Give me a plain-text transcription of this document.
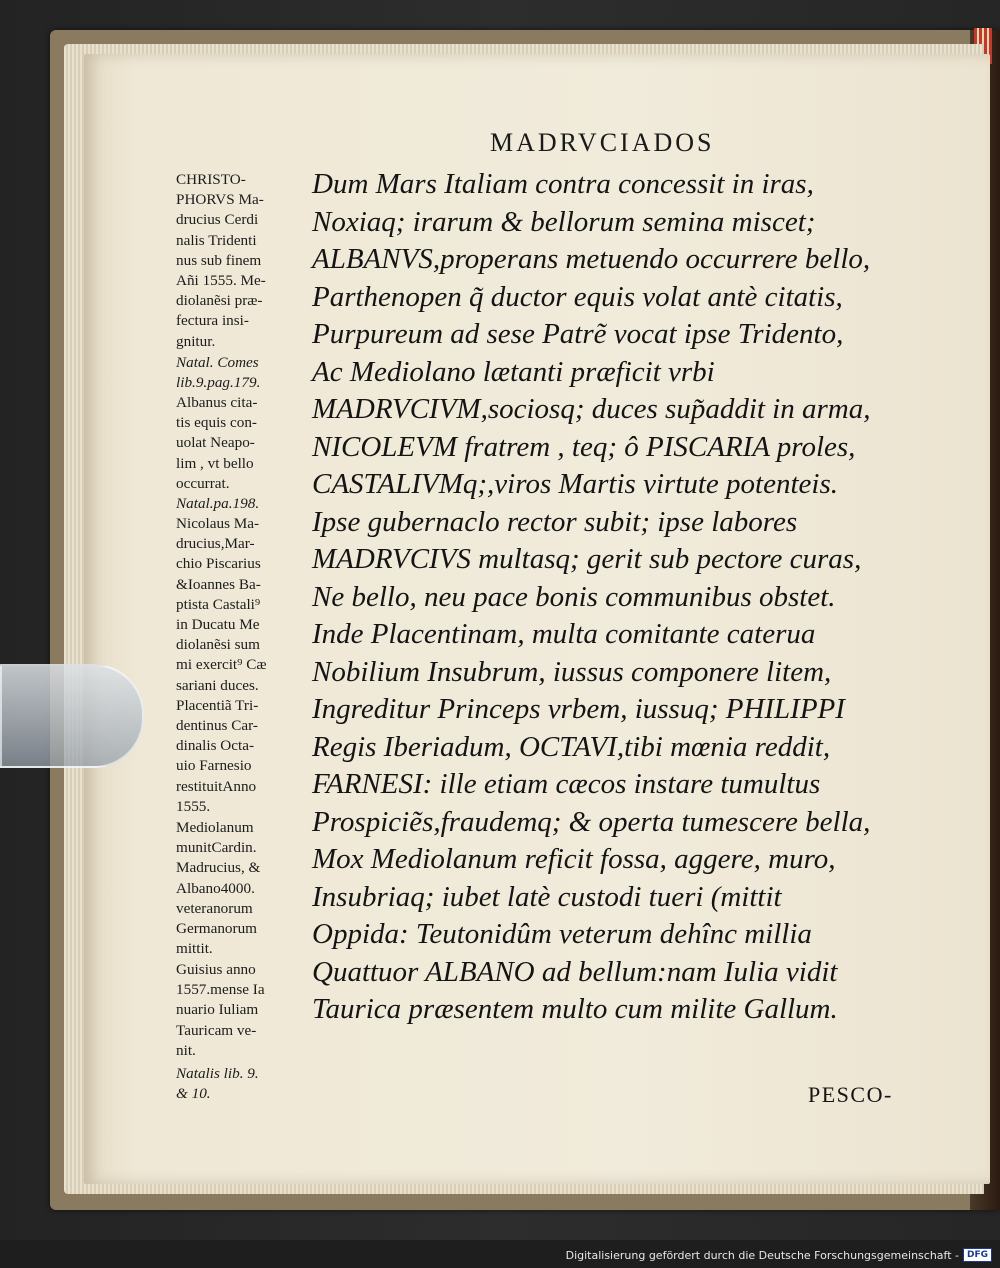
MADRVCIADOS

CHRISTO-
PHORVS Ma-
drucius Cerdi
nalis Tridenti
nus sub finem
Añi 1555. Me-
diolanẽsi præ-
fectura insi-
gnitur.

Natal. Comes
lib.9.pag.179.

Albanus cita-
tis equis con-
uolat Neapo-
lim , vt bello
occurrat.

Natal.pa.198.

Nicolaus Ma-
drucius,Mar-
chio Piscarius
&Ioannes Ba-
ptista Castali⁹
in Ducatu Me
diolanẽsi sum
mi exercit⁹ Cæ
sariani duces.
Placentiã Tri-
dentinus Car-
dinalis Octa-
uio Farnesio
restituitAnno
1555.

Mediolanum
munitCardin.
Madrucius, &
Albano4000.
veteranorum
Germanorum
mittit.

Guisius anno
1557.mense Ia
nuario Iuliam
Tauricam ve-
nit.

Natalis lib. 9.
& 10.

Dum Mars Italiam contra concessit in iras,
Noxiaq; irarum & bellorum semina miscet;
ALBANVS,properans metuendo occurrere bello,
Parthenopen q̃ ductor equis volat antè citatis,
Purpureum ad sese Patrẽ vocat ipse Tridento,
Ac Mediolano lætanti præficit vrbi
MADRVCIVM,sociosq; duces sup̃addit in arma,
NICOLEVM fratrem , teq; ô PISCARIA proles,
CASTALIVMq;,viros Martis virtute potenteis.
Ipse gubernaclo rector subit; ipse labores
MADRVCIVS multasq; gerit sub pectore curas,
Ne bello, neu pace bonis communibus obstet.
Inde Placentinam, multa comitante caterua
Nobilium Insubrum, iussus componere litem,
Ingreditur Princeps vrbem, iussuq; PHILIPPI
Regis Iberiadum, OCTAVI,tibi mœnia reddit,
FARNESI: ille etiam cæcos instare tumultus
Prospiciẽs,fraudemq; & operta tumescere bella,
Mox Mediolanum reficit fossa, aggere, muro,
Insubriaq; iubet latè custodi tueri (mittit
Oppida: Teutonidûm veterum dehînc millia
Quattuor ALBANO ad bellum:nam Iulia vidit
Taurica præsentem multo cum milite Gallum.
PESCO-
Digitalisierung gefördert durch die Deutsche Forschungsgemeinschaft - DFG
